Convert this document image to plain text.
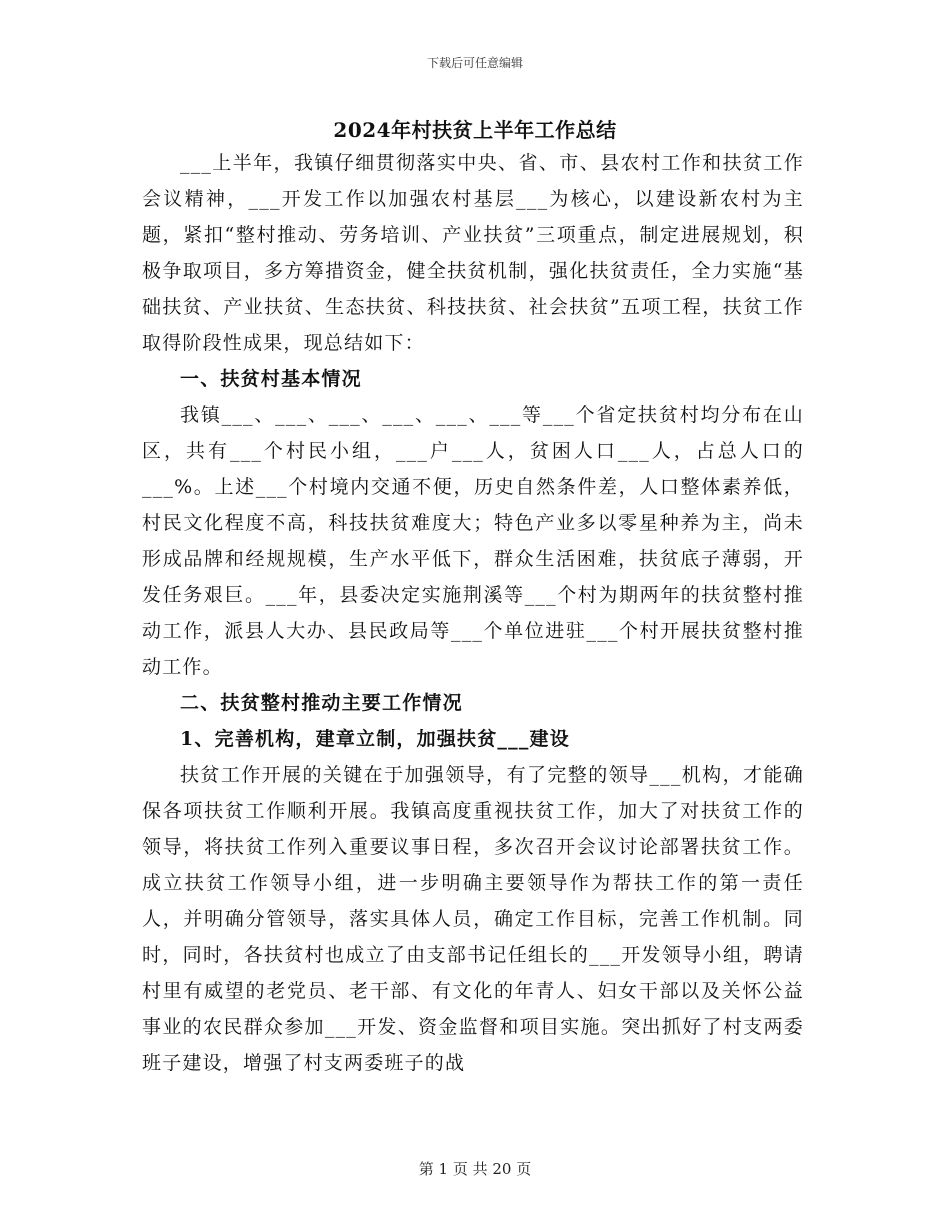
下载后可任意编辑
2024年村扶贫上半年工作总结

___上半年，我镇仔细贯彻落实中央、省、市、县农村工作和扶贫工作会议精神，___开发工作以加强农村基层___为核心，以建设新农村为主题，紧扣“整村推动、劳务培训、产业扶贫”三项重点，制定进展规划，积极争取项目，多方筹措资金，健全扶贫机制，强化扶贫责任，全力实施“基础扶贫、产业扶贫、生态扶贫、科技扶贫、社会扶贫”五项工程，扶贫工作取得阶段性成果，现总结如下：

一、扶贫村基本情况

我镇___、___、___、___、___、___等___个省定扶贫村均分布在山区，共有___个村民小组，___户___人，贫困人口___人，占总人口的___%。上述___个村境内交通不便，历史自然条件差，人口整体素养低，村民文化程度不高，科技扶贫难度大；特色产业多以零星种养为主，尚未形成品牌和经规规模，生产水平低下，群众生活困难，扶贫底子薄弱，开发任务艰巨。___年，县委决定实施荆溪等___个村为期两年的扶贫整村推动工作，派县人大办、县民政局等___个单位进驻___个村开展扶贫整村推动工作。

二、扶贫整村推动主要工作情况
1、完善机构，建章立制，加强扶贫___建设

扶贫工作开展的关键在于加强领导，有了完整的领导___机构，才能确保各项扶贫工作顺利开展。我镇高度重视扶贫工作，加大了对扶贫工作的领导，将扶贫工作列入重要议事日程，多次召开会议讨论部署扶贫工作。成立扶贫工作领导小组，进一步明确主要领导作为帮扶工作的第一责任人，并明确分管领导，落实具体人员，确定工作目标，完善工作机制。同时，同时，各扶贫村也成立了由支部书记任组长的___开发领导小组，聘请村里有威望的老党员、老干部、有文化的年青人、妇女干部以及关怀公益事业的农民群众参加___开发、资金监督和项目实施。突出抓好了村支两委班子建设，增强了村支两委班子的战

第 1 页 共 20 页
